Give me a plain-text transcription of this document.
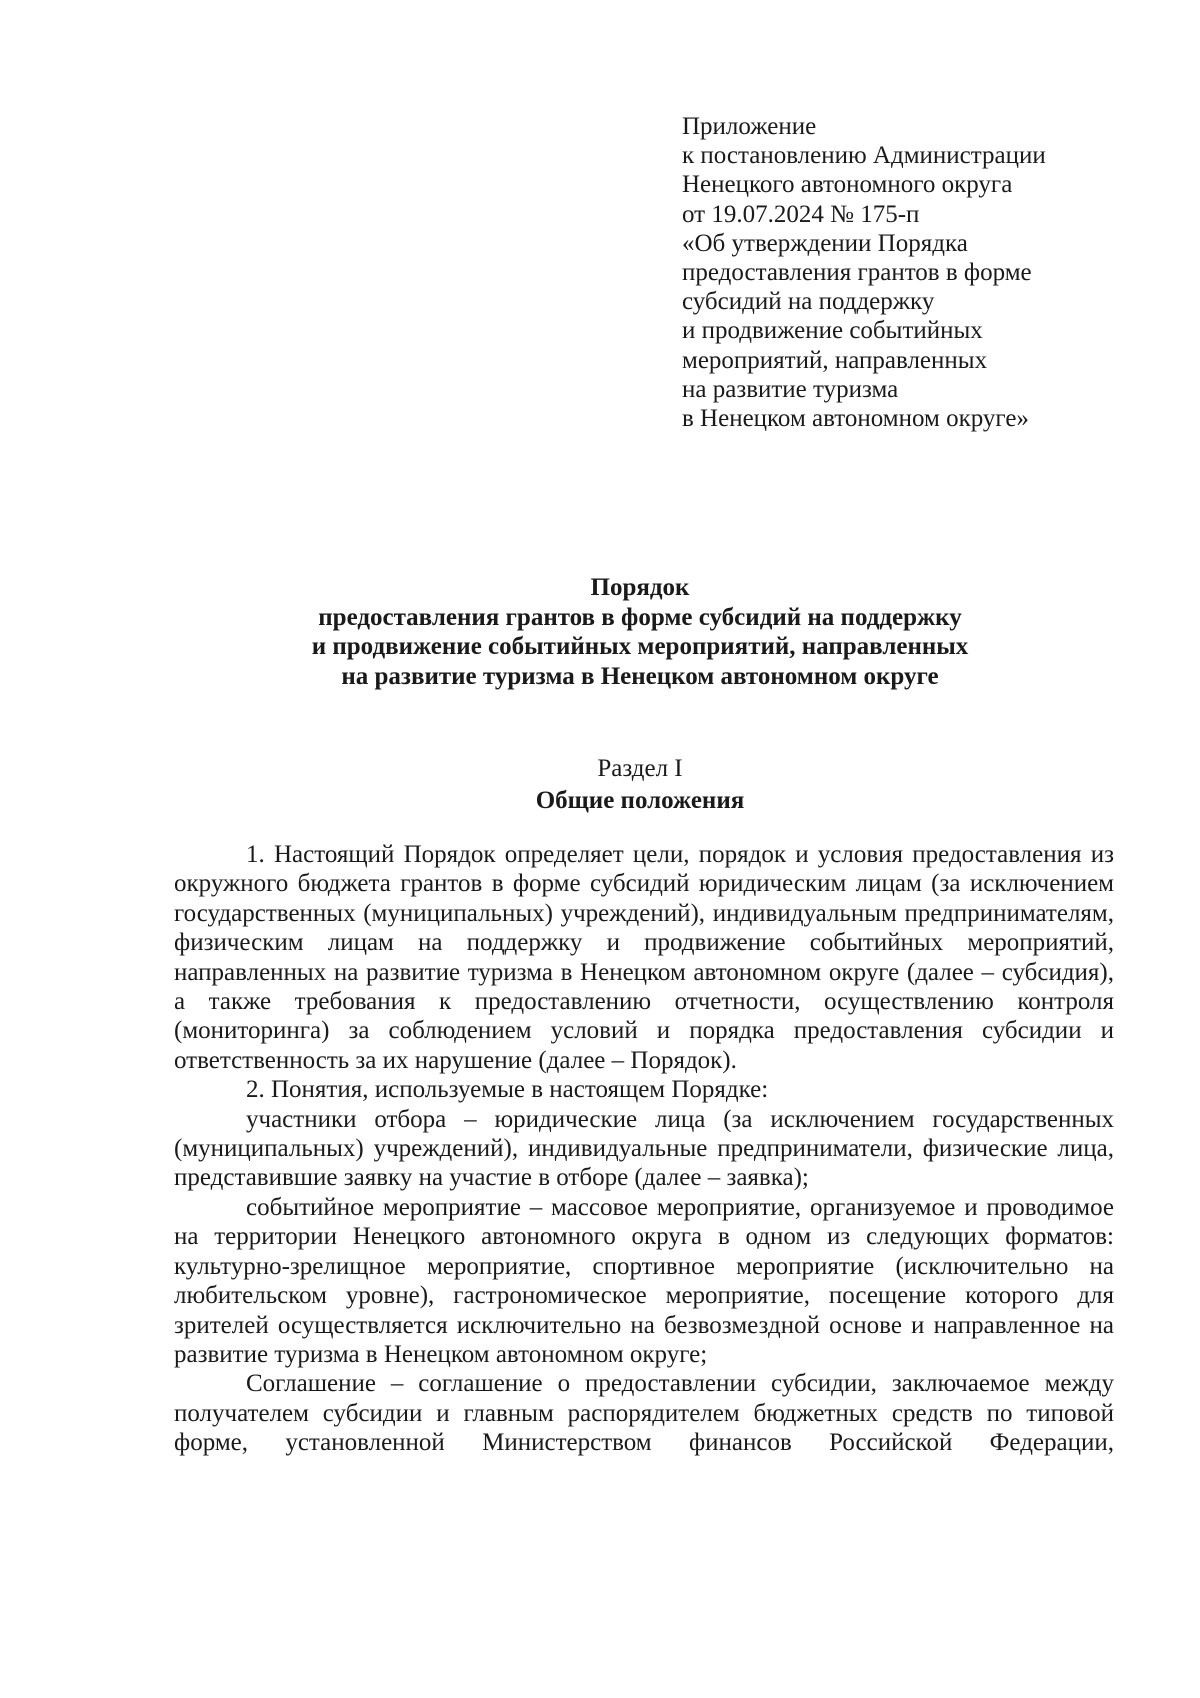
Приложение
к постановлению Администрации
Ненецкого автономного округа
от 19.07.2024 № 175-п
«Об утверждении Порядка
предоставления грантов в форме
субсидий на поддержку
и продвижение событийных
мероприятий, направленных
на развитие туризма
в Ненецком автономном округе»
Порядок
предоставления грантов в форме субсидий на поддержку
и продвижение событийных мероприятий, направленных
на развитие туризма в Ненецком автономном округе
Раздел I
Общие положения

1. Настоящий Порядок определяет цели, порядок и условия предоставления из окружного бюджета грантов в форме субсидий юридическим лицам (за исключением государственных (муниципальных) учреждений), индивидуальным предпринимателям, физическим лицам на поддержку и продвижение событийных мероприятий, направленных на развитие туризма в Ненецком автономном округе (далее – субсидия), а также требования к предоставлению отчетности, осуществлению контроля (мониторинга) за соблюдением условий и порядка предоставления субсидии и ответственность за их нарушение (далее – Порядок).

2. Понятия, используемые в настоящем Порядке:

участники отбора – юридические лица (за исключением государственных (муниципальных) учреждений), индивидуальные предприниматели, физические лица, представившие заявку на участие в отборе (далее – заявка);

событийное мероприятие – массовое мероприятие, организуемое и проводимое на территории Ненецкого автономного округа в одном из следующих форматов: культурно-зрелищное мероприятие, спортивное мероприятие (исключительно на любительском уровне), гастрономическое мероприятие, посещение которого для зрителей осуществляется исключительно на безвозмездной основе и направленное на развитие туризма в Ненецком автономном округе;

Соглашение – соглашение о предоставлении субсидии, заключаемое между получателем субсидии и главным распорядителем бюджетных средств по типовой форме, установленной Министерством финансов Российской Федерации,
